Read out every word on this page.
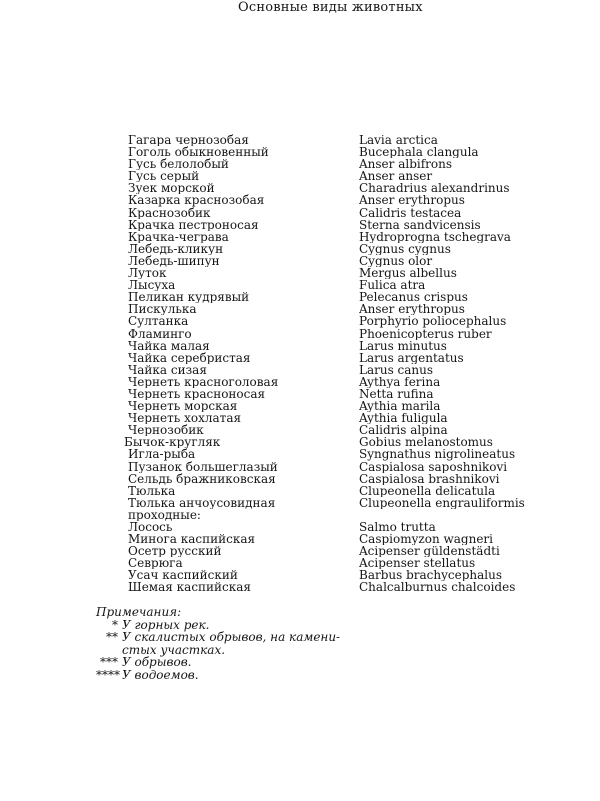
Основные виды животных
Гагара чернозобая	Lavia arctica
Гоголь обыкновенный	Bucephala clangula
Гусь белолобый	Anser albifrons
Гусь серый	Anser anser
Зуек морской	Charadrius alexandrinus
Казарка краснозобая	Anser erythropus
Краснозобик	Calidris testacea
Крачка пестроносая	Sterna sandvicensis
Крачка-чеграва	Hydroprogna tschegrava
Лебедь-кликун	Cygnus cygnus
Лебедь-шипун	Cygnus olor
Луток	Mergus albellus
Лысуха	Fulica atra
Пеликан кудрявый	Pelecanus crispus
Пискулька	Anser erythropus
Султанка	Porphyrio poliocephalus
Фламинго	Phoenicopterus ruber
Чайка малая	Larus minutus
Чайка серебристая	Larus argentatus
Чайка сизая	Larus canus
Чернеть красноголовая	Aythya ferina
Чернеть красноносая	Netta rufina
Чернеть морская	Aythia marila
Чернеть хохлатая	Aythia fuligula
Чернозобик	Calidris alpina
Бычок-кругляк	Gobius melanostomus
Игла-рыба	Syngnathus nigrolineatus
Пузанок большеглазый	Caspialosa saposhnikovi
Сельдь бражниковская	Caspialosa brashnikovi
Тюлька	Clupeonella delicatula
Тюлька анчоусовидная	Clupeonella engrauliformis
проходные:
Лосось	Salmo trutta
Минога каспийская	Caspiomyzon wagneri
Осетр русский	Acipenser güldenstädti
Севрюга	Acipenser stellatus
Усач каспийский	Barbus brachycephalus
Шемая каспийская	Chalcalburnus chalcoides
Примечания:
* У горных рек.
** У скалистых обрывов, на камени-
стых участках.
*** У обрывов.
**** У водоемов.
